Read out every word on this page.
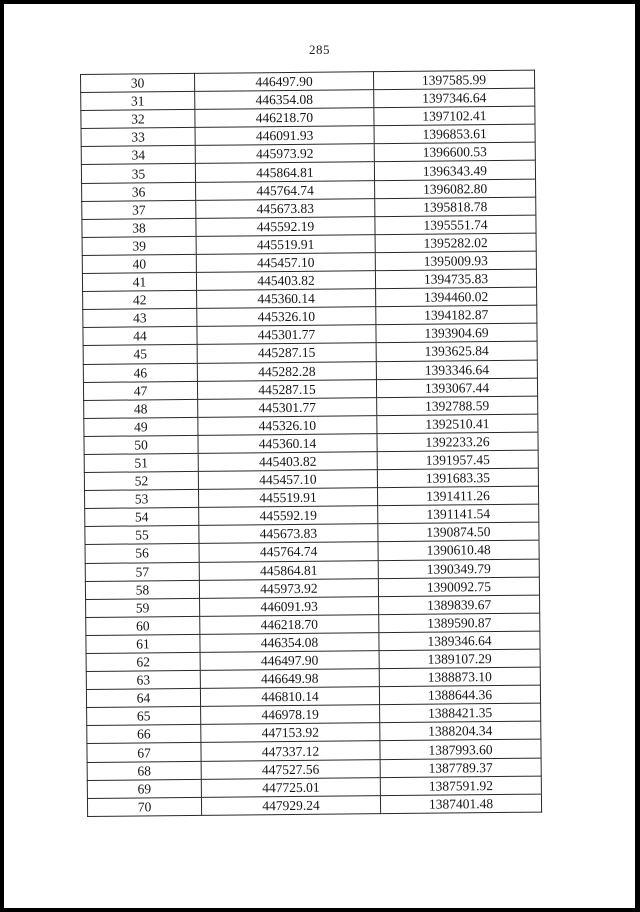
285
30	446497.90	1397585.99
31	446354.08	1397346.64
32	446218.70	1397102.41
33	446091.93	1396853.61
34	445973.92	1396600.53
35	445864.81	1396343.49
36	445764.74	1396082.80
37	445673.83	1395818.78
38	445592.19	1395551.74
39	445519.91	1395282.02
40	445457.10	1395009.93
41	445403.82	1394735.83
42	445360.14	1394460.02
43	445326.10	1394182.87
44	445301.77	1393904.69
45	445287.15	1393625.84
46	445282.28	1393346.64
47	445287.15	1393067.44
48	445301.77	1392788.59
49	445326.10	1392510.41
50	445360.14	1392233.26
51	445403.82	1391957.45
52	445457.10	1391683.35
53	445519.91	1391411.26
54	445592.19	1391141.54
55	445673.83	1390874.50
56	445764.74	1390610.48
57	445864.81	1390349.79
58	445973.92	1390092.75
59	446091.93	1389839.67
60	446218.70	1389590.87
61	446354.08	1389346.64
62	446497.90	1389107.29
63	446649.98	1388873.10
64	446810.14	1388644.36
65	446978.19	1388421.35
66	447153.92	1388204.34
67	447337.12	1387993.60
68	447527.56	1387789.37
69	447725.01	1387591.92
70	447929.24	1387401.48
